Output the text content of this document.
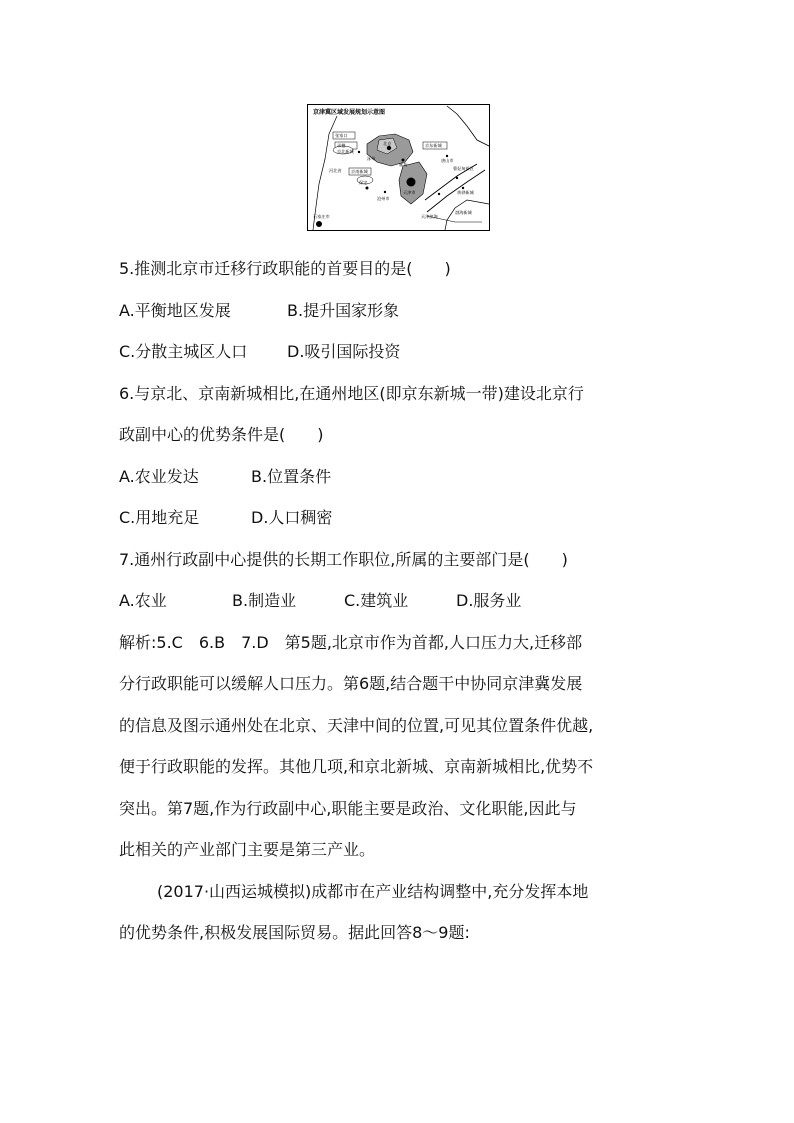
京津冀区域发展规划示意图
张家口
承德
京北新城
京东新城
京南新城
北京
廊坊
天津市
唐山市
曹妃甸新区
黄骅新城
保定
沧州市
石家庄市
河北省
渤海新城
天津滨海
涿州
5.推测北京市迁移行政职能的首要目的是(　　)
A.平衡地区发展	B.提升国家形象
C.分散主城区人口	D.吸引国际投资
6.与京北、京南新城相比,在通州地区(即京东新城一带)建设北京行
政副中心的优势条件是(　　)
A.农业发达	B.位置条件
C.用地充足	D.人口稠密
7.通州行政副中心提供的长期工作职位,所属的主要部门是(　　)
A.农业	B.制造业	C.建筑业	D.服务业
解析:5.C　6.B　7.D　第5题,北京市作为首都,人口压力大,迁移部
分行政职能可以缓解人口压力。第6题,结合题干中协同京津冀发展
的信息及图示通州处在北京、天津中间的位置,可见其位置条件优越,
便于行政职能的发挥。其他几项,和京北新城、京南新城相比,优势不
突出。第7题,作为行政副中心,职能主要是政治、文化职能,因此与
此相关的产业部门主要是第三产业。
(2017·山西运城模拟)成都市在产业结构调整中,充分发挥本地
的优势条件,积极发展国际贸易。据此回答8～9题:
